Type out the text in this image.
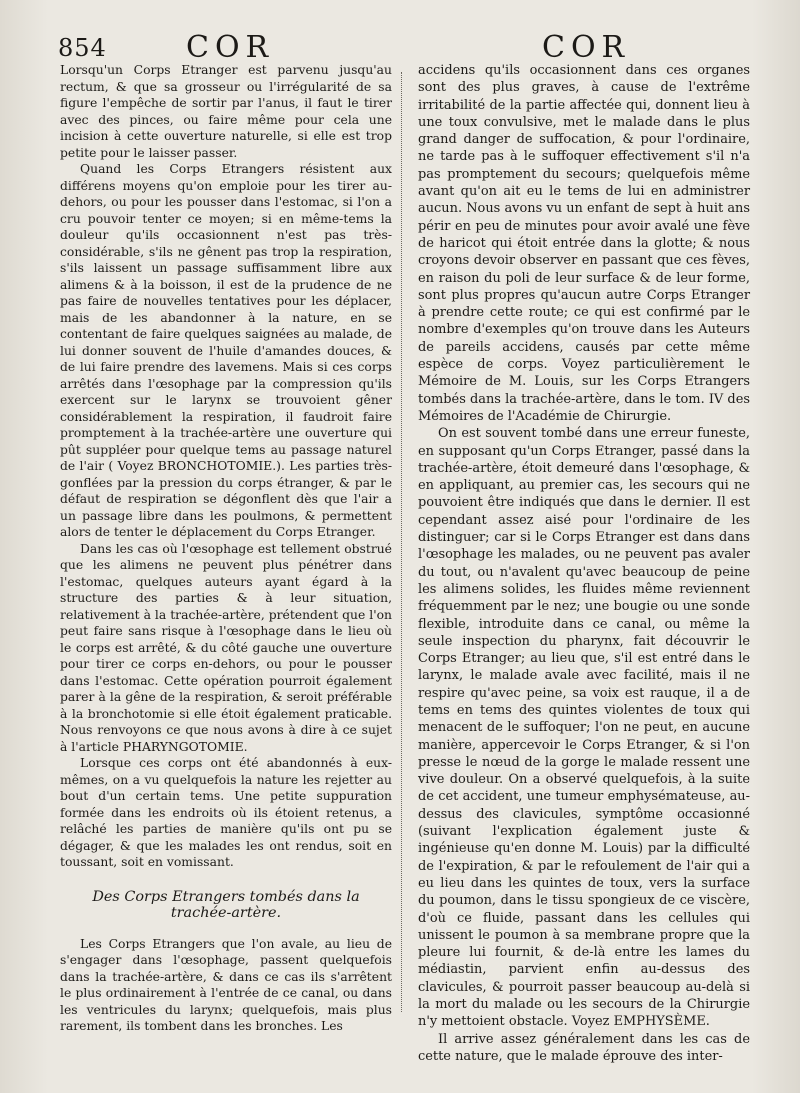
854	COR	COR

Lorsqu'un Corps Etranger est parvenu jusqu'au rectum, & que sa grosseur ou l'irrégularité de sa figure l'empêche de sortir par l'anus, il faut le tirer avec des pinces, ou faire même pour cela une incision à cette ouverture naturelle, si elle est trop petite pour le laisser passer.

Quand les Corps Etrangers résistent aux différens moyens qu'on emploie pour les tirer au-dehors, ou pour les pousser dans l'estomac, si l'on a cru pouvoir tenter ce moyen; si en même-tems la douleur qu'ils occasionnent n'est pas très-considérable, s'ils ne gênent pas trop la respiration, s'ils laissent un passage suffisamment libre aux alimens & à la boisson, il est de la prudence de ne pas faire de nouvelles tentatives pour les déplacer, mais de les abandonner à la nature, en se contentant de faire quelques saignées au malade, de lui donner souvent de l'huile d'amandes douces, & de lui faire prendre des lavemens. Mais si ces corps arrêtés dans l'œsophage par la compression qu'ils exercent sur le larynx se trouvoient gêner considérablement la respiration, il faudroit faire promptement à la trachée-artère une ouverture qui pût suppléer pour quelque tems au passage naturel de l'air ( Voyez BRONCHOTOMIE.). Les parties très-gonflées par la pression du corps étranger, & par le défaut de respiration se dégonflent dès que l'air a un passage libre dans les poulmons, & permettent alors de tenter le déplacement du Corps Etranger.

Dans les cas où l'œsophage est tellement obstrué que les alimens ne peuvent plus pénétrer dans l'estomac, quelques auteurs ayant égard à la structure des parties & à leur situation, relativement à la trachée-artère, prétendent que l'on peut faire sans risque à l'œsophage dans le lieu où le corps est arrêté, & du côté gauche une ouverture pour tirer ce corps en-dehors, ou pour le pousser dans l'estomac. Cette opération pourroit également parer à la gêne de la respiration, & seroit préférable à la bronchotomie si elle étoit également praticable. Nous renvoyons ce que nous avons à dire à ce sujet à l'article PHARYNGOTOMIE.

Lorsque ces corps ont été abandonnés à eux-mêmes, on a vu quelquefois la nature les rejetter au bout d'un certain tems. Une petite suppuration formée dans les endroits où ils étoient retenus, a relâché les parties de manière qu'ils ont pu se dégager, & que les malades les ont rendus, soit en toussant, soit en vomissant.

Des Corps Etrangers tombés dans la trachée-artère.

Les Corps Etrangers que l'on avale, au lieu de s'engager dans l'œsophage, passent quelquefois dans la trachée-artère, & dans ce cas ils s'arrêtent le plus ordinairement à l'entrée de ce canal, ou dans les ventricules du larynx; quelquefois, mais plus rarement, ils tombent dans les bronches. Les

accidens qu'ils occasionnent dans ces organes sont des plus graves, à cause de l'extrême irritabilité de la partie affectée qui, donnent lieu à une toux convulsive, met le malade dans le plus grand danger de suffocation, & pour l'ordinaire, ne tarde pas à le suffoquer effectivement s'il n'a pas promptement du secours; quelquefois même avant qu'on ait eu le tems de lui en administrer aucun. Nous avons vu un enfant de sept à huit ans périr en peu de minutes pour avoir avalé une fève de haricot qui étoit entrée dans la glotte; & nous croyons devoir observer en passant que ces fèves, en raison du poli de leur surface & de leur forme, sont plus propres qu'aucun autre Corps Etranger à prendre cette route; ce qui est confirmé par le nombre d'exemples qu'on trouve dans les Auteurs de pareils accidens, causés par cette même espèce de corps. Voyez particulièrement le Mémoire de M. Louis, sur les Corps Etrangers tombés dans la trachée-artère, dans le tom. IV des Mémoires de l'Académie de Chirurgie.

On est souvent tombé dans une erreur funeste, en supposant qu'un Corps Etranger, passé dans la trachée-artère, étoit demeuré dans l'œsophage, & en appliquant, au premier cas, les secours qui ne pouvoient être indiqués que dans le dernier. Il est cependant assez aisé pour l'ordinaire de les distinguer; car si le Corps Etranger est dans dans l'œsophage les malades, ou ne peuvent pas avaler du tout, ou n'avalent qu'avec beaucoup de peine les alimens solides, les fluides même reviennent fréquemment par le nez; une bougie ou une sonde flexible, introduite dans ce canal, ou même la seule inspection du pharynx, fait découvrir le Corps Etranger; au lieu que, s'il est entré dans le larynx, le malade avale avec facilité, mais il ne respire qu'avec peine, sa voix est rauque, il a de tems en tems des quintes violentes de toux qui menacent de le suffoquer; l'on ne peut, en aucune manière, appercevoir le Corps Etranger, & si l'on presse le nœud de la gorge le malade ressent une vive douleur. On a observé quelquefois, à la suite de cet accident, une tumeur emphysémateuse, au-dessus des clavicules, symptôme occasionné (suivant l'explication également juste & ingénieuse qu'en donne M. Louis) par la difficulté de l'expiration, & par le refoulement de l'air qui a eu lieu dans les quintes de toux, vers la surface du poumon, dans le tissu spongieux de ce viscère, d'où ce fluide, passant dans les cellules qui unissent le poumon à sa membrane propre que la pleure lui fournit, & de-là entre les lames du médiastin, parvient enfin au-dessus des clavicules, & pourroit passer beaucoup au-delà si la mort du malade ou les secours de la Chirurgie n'y mettoient obstacle. Voyez EMPHYSÈME.

Il arrive assez généralement dans les cas de cette nature, que le malade éprouve des inter-
